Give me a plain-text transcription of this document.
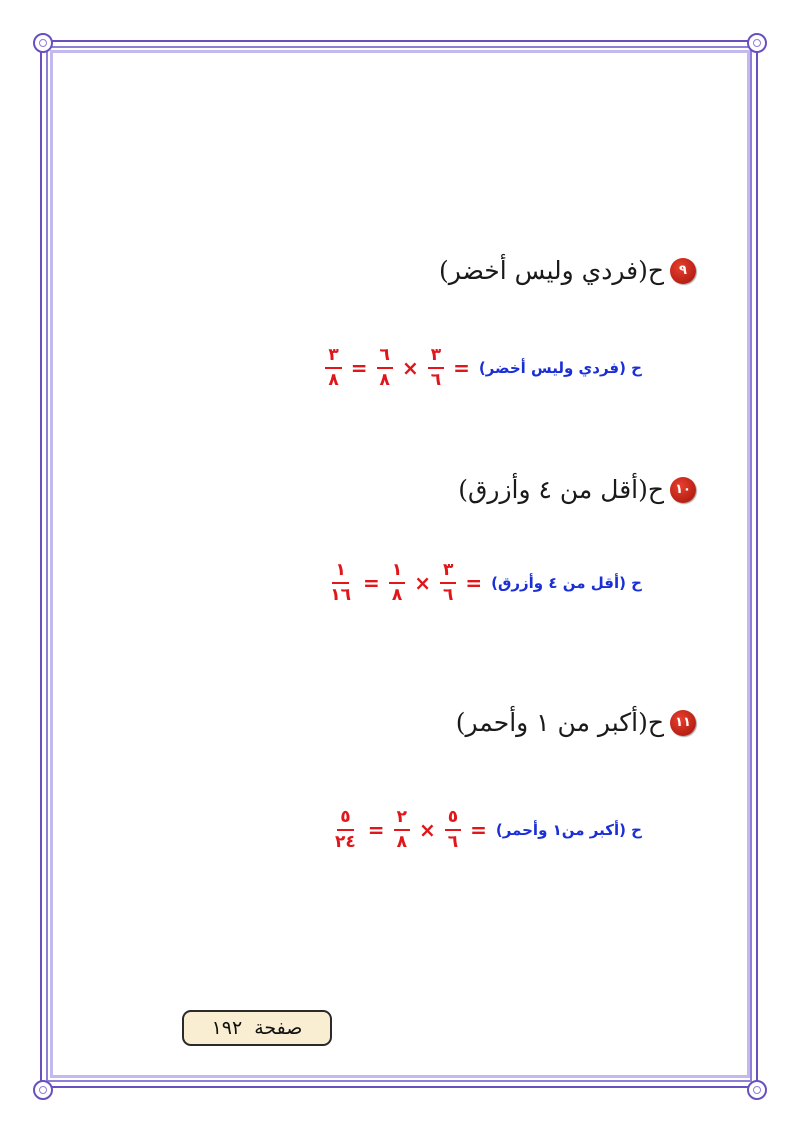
٩
ح(فردي وليس أخضر)
ح (فردي وليس أخضر)
=
$\frac{٣}{٦}$
×
$\frac{٦}{٨}$
=
$\frac{٣}{٨}$
١٠
ح(أقل من ٤ وأزرق)
ح (أقل من ٤ وأزرق)
=
$\frac{٣}{٦}$
×
$\frac{١}{٨}$
=
$\frac{١}{١٦}$
١١
ح(أكبر من ١ وأحمر)
ح (أكبر من١ وأحمر)
=
$\frac{٥}{٦}$
×
$\frac{٢}{٨}$
=
$\frac{٥}{٢٤}$
صفحة
١٩٢
